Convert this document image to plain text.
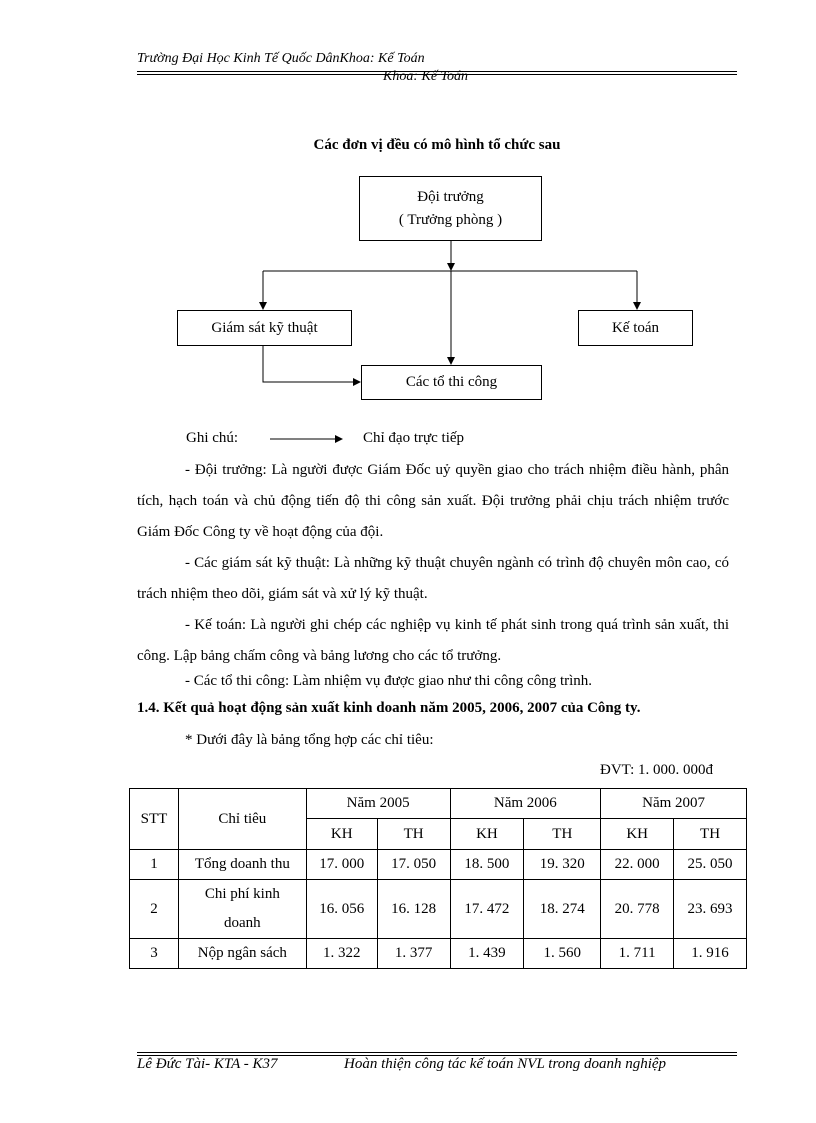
Trường Đại Học Kinh Tế Quốc DânKhoa: Kế Toán
Khoa: Kế Toán
Các đơn vị đều có mô hình tổ chức sau
Đội trưởng
( Trưởng phòng )
Giám sát kỹ thuật	Kế toán
Các tổ thi công
Ghi chú:	Chỉ đạo trực tiếp
- Đội trưởng: Là người được Giám Đốc uỷ quyền giao cho trách nhiệm điều hành, phân tích, hạch toán và chủ động tiến độ thi công sản xuất. Đội trưởng phải chịu trách nhiệm trước Giám Đốc Công ty về hoạt động của đội.
- Các giám sát kỹ thuật: Là những kỹ thuật chuyên ngành có trình độ chuyên môn cao, có trách nhiệm theo dõi, giám sát và xử lý kỹ thuật.
- Kế toán: Là người ghi chép các nghiệp vụ kinh tế phát sinh trong quá trình sản xuất, thi công. Lập bảng chấm công và bảng lương cho các tổ trưởng.
- Các tổ thi công: Làm nhiệm vụ được giao như thi công công trình.
1.4. Kết quả hoạt động sản xuất kinh doanh năm 2005, 2006, 2007 của Công ty.
* Dưới đây là bảng tổng hợp các chỉ tiêu:
ĐVT: 1. 000. 000đ
STT	Chỉ tiêu	Năm 2005		Năm 2006		Năm 2007	
		KH	TH	KH	TH	KH	TH
1	Tổng doanh thu	17. 000	17. 050	18. 500	19. 320	22. 000	25. 050
2	Chi phí kinh doanh	16. 056	16. 128	17. 472	18. 274	20. 778	23. 693
3	Nộp ngân sách	1. 322	1. 377	1. 439	1. 560	1. 711	1. 916
Lê Đức Tài- KTA - K37	Hoàn thiện công tác kế toán NVL trong doanh nghiệp
